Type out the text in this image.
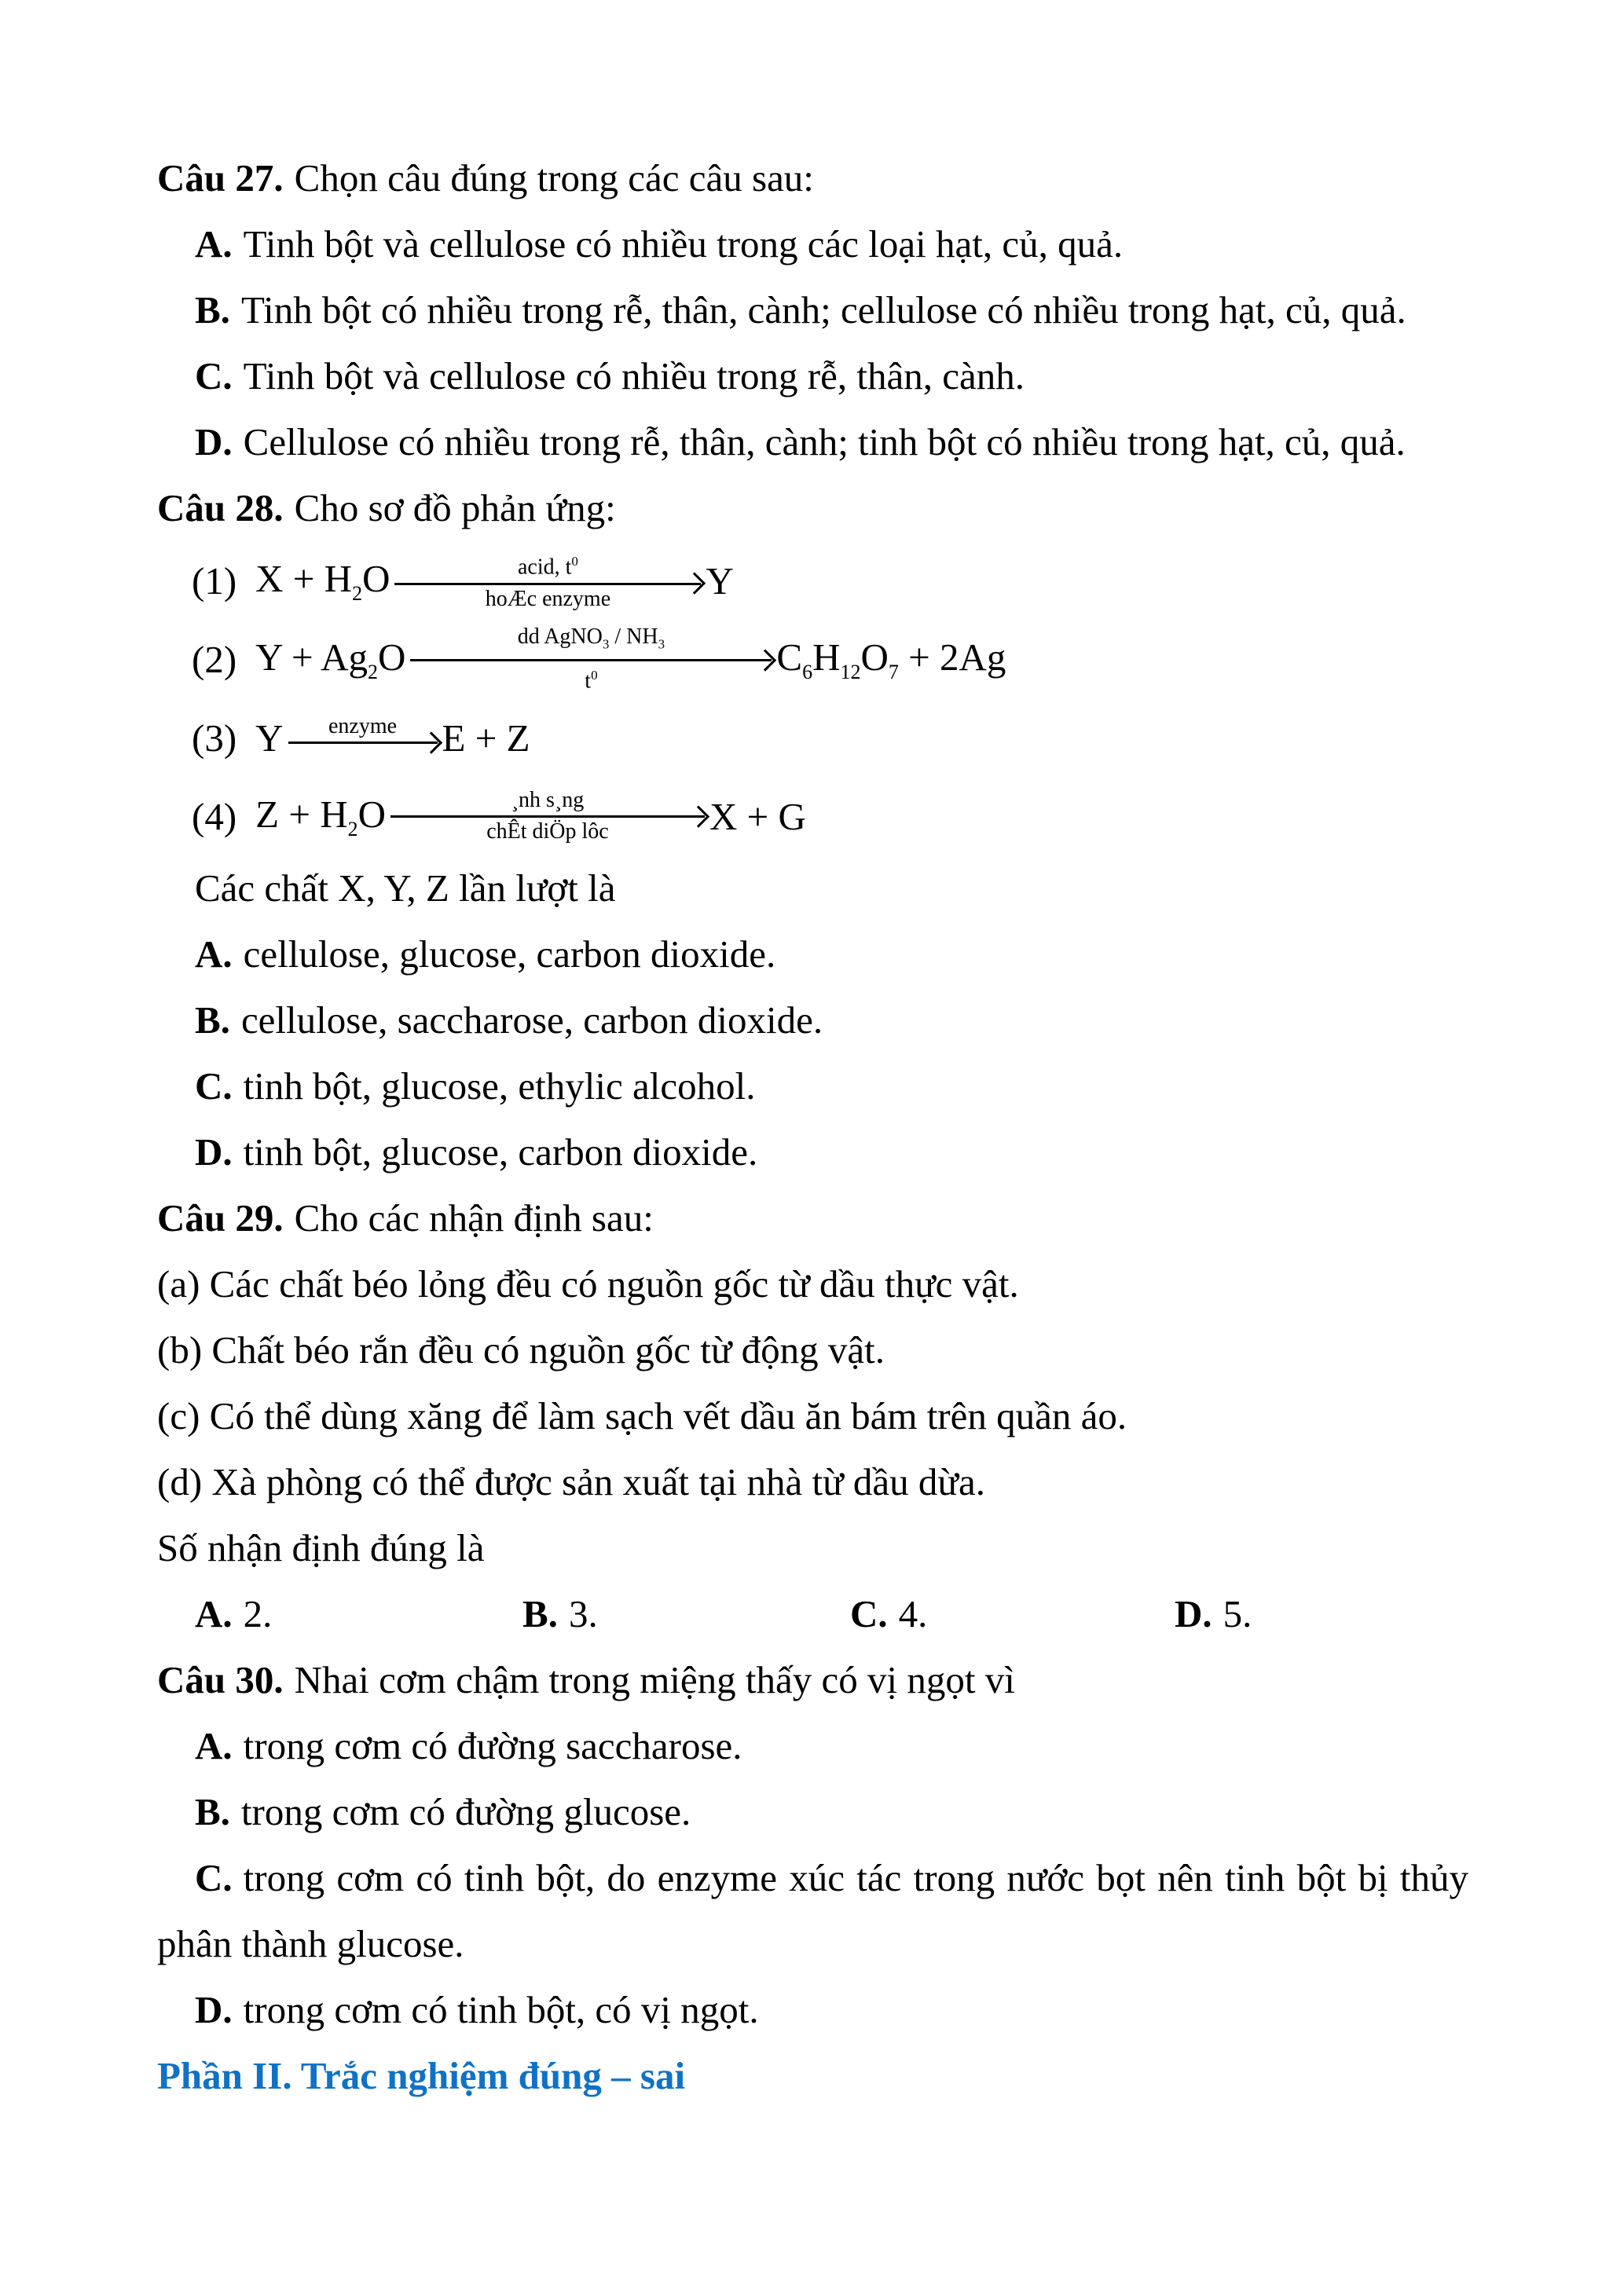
Câu 27. Chọn câu đúng trong các câu sau:

A. Tinh bột và cellulose có nhiều trong các loại hạt, củ, quả.

B. Tinh bột có nhiều trong rễ, thân, cành; cellulose có nhiều trong hạt, củ, quả.

C. Tinh bột và cellulose có nhiều trong rễ, thân, cành.

D. Cellulose có nhiều trong rễ, thân, cành; tinh bột có nhiều trong hạt, củ, quả.

Câu 28. Cho sơ đồ phản ứng:

(1) $X + H_2O$	acid, $t^0$
hoÆc enzyme Y
(2) $Y + Ag_2O$	dd AgNO$_3$ / $NH_3$
$t^0$	$C_6H_{12}O_7 + 2Ag$
(3) Y	enzyme E + Z
(4) $Z + H_2O$	¸nh s¸ng
chÊt diÖp lôc	X + G

Các chất X, Y, Z lần lượt là

A. cellulose, glucose, carbon dioxide.

B. cellulose, saccharose, carbon dioxide.

C. tinh bột, glucose, ethylic alcohol.

D. tinh bột, glucose, carbon dioxide.

Câu 29. Cho các nhận định sau:

(a) Các chất béo lỏng đều có nguồn gốc từ dầu thực vật.

(b) Chất béo rắn đều có nguồn gốc từ động vật.

(c) Có thể dùng xăng để làm sạch vết dầu ăn bám trên quần áo.

(d) Xà phòng có thể được sản xuất tại nhà từ dầu dừa.

Số nhận định đúng là

A. 2.	B. 3.	C. 4.	D. 5.

Câu 30. Nhai cơm chậm trong miệng thấy có vị ngọt vì

A. trong cơm có đường saccharose.

B. trong cơm có đường glucose.

C. trong cơm có tinh bột, do enzyme xúc tác trong nước bọt nên tinh bột bị thủy

phân thành glucose.

D. trong cơm có tinh bột, có vị ngọt.

Phần II. Trắc nghiệm đúng – sai
